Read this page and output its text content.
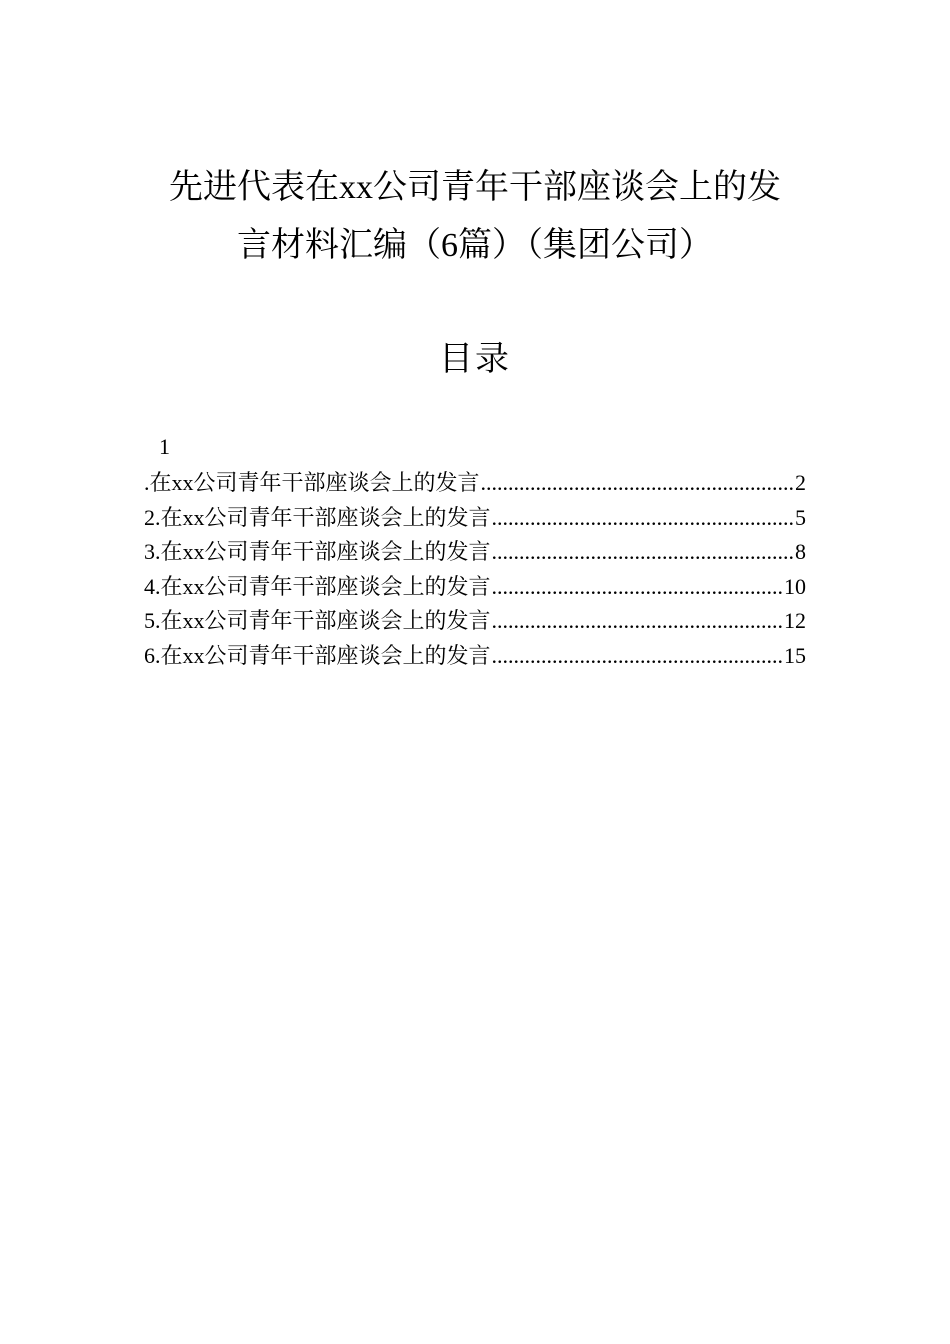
先进代表在xx公司青年干部座谈会上的发
言材料汇编（6篇）（集团公司）
目录
1
.在xx公司青年干部座谈会上的发言 .....	2
2.在xx公司青年干部座谈会上的发言 .....	5
3.在xx公司青年干部座谈会上的发言 .....	8
4.在xx公司青年干部座谈会上的发言 .....	10
5.在xx公司青年干部座谈会上的发言 .....	12
6.在xx公司青年干部座谈会上的发言 .....	15
